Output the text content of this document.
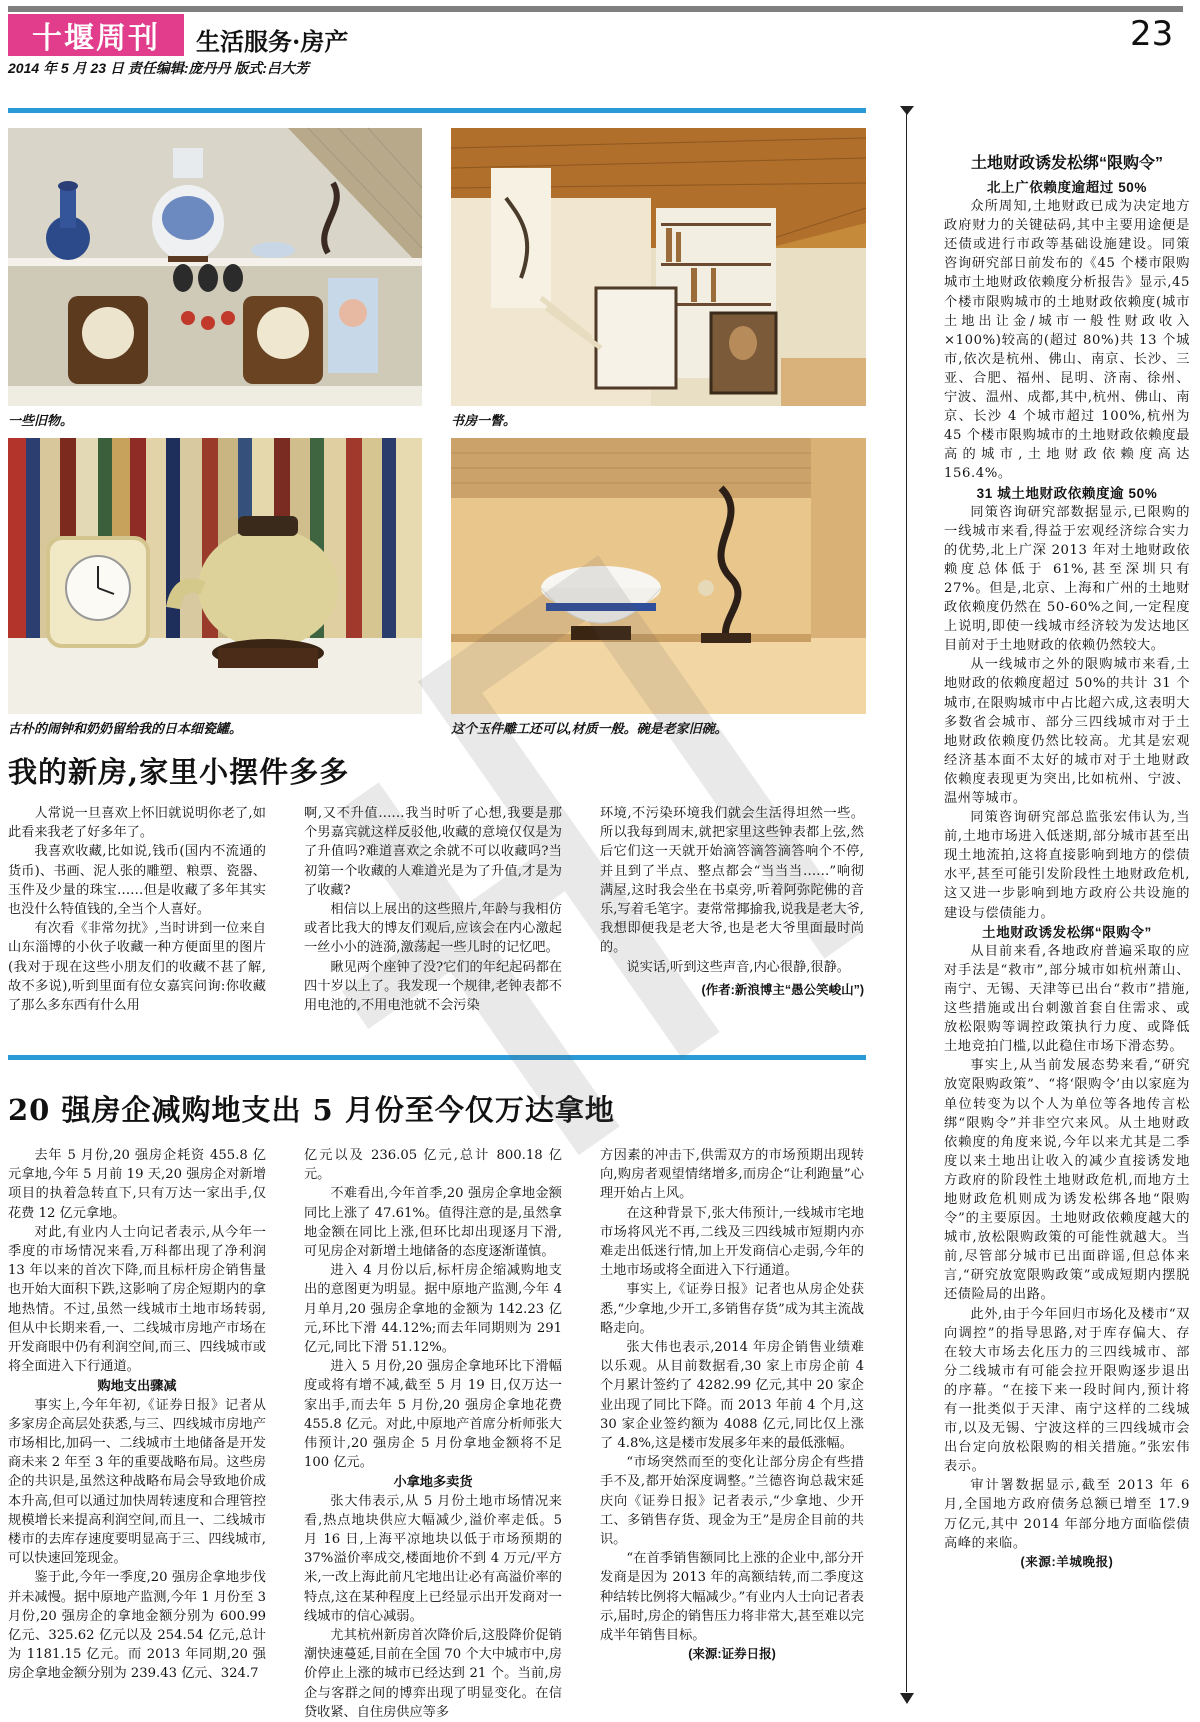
十堰周刊	生活服务·房产	23
2014 年 5 月 23 日 责任编辑:庞丹丹 版式:吕大芳
一些旧物。	书房一瞥。
古朴的闹钟和奶奶留给我的日本细瓷罐。	这个玉件雕工还可以,材质一般。碗是老家旧碗。
我的新房,家里小摆件多多

人常说一旦喜欢上怀旧就说明你老了,如此看来我老了好多年了。

我喜欢收藏,比如说,钱币(国内不流通的货币)、书画、泥人张的雕塑、粮票、瓷器、玉件及少量的珠宝……但是收藏了多年其实也没什么特值钱的,全当个人喜好。

有次看《非常勿扰》,当时讲到一位来自山东淄博的小伙子收藏一种方便面里的图片(我对于现在这些小朋友们的收藏不甚了解,故不多说),听到里面有位女嘉宾问询:你收藏了那么多东西有什么用

啊,又不升值……我当时听了心想,我要是那个男嘉宾就这样反驳他,收藏的意境仅仅是为了升值吗?难道喜欢之余就不可以收藏吗?当初第一个收藏的人难道光是为了升值,才是为了收藏?

相信以上展出的这些照片,年龄与我相仿或者比我大的博友们观后,应该会在内心激起一丝小小的涟漪,激荡起一些儿时的记忆吧。

瞅见两个座钟了没?它们的年纪起码都在四十岁以上了。我发现一个规律,老钟表都不用电池的,不用电池就不会污染

环境,不污染环境我们就会生活得坦然一些。所以我每到周末,就把家里这些钟表都上弦,然后它们这一天就开始滴答滴答滴答响个不停,并且到了半点、整点都会“当当当……”响彻满屋,这时我会坐在书桌旁,听着阿弥陀佛的音乐,写着毛笔字。妻常常揶揄我,说我是老大爷,我想即便我是老大爷,也是老大爷里面最时尚的。

说实话,听到这些声音,内心很静,很静。

(作者:新浪博主“愚公笑峻山”)

20 强房企减购地支出 5 月份至今仅万达拿地

去年 5 月份,20 强房企耗资 455.8 亿元拿地,今年 5 月前 19 天,20 强房企对新增项目的执着急转直下,只有万达一家出手,仅花费 12 亿元拿地。

对此,有业内人士向记者表示,从今年一季度的市场情况来看,万科都出现了净利润 13 年以来的首次下降,而且标杆房企销售量也开始大面积下跌,这影响了房企短期内的拿地热情。不过,虽然一线城市土地市场转弱,但从中长期来看,一、二线城市房地产市场在开发商眼中仍有利润空间,而三、四线城市或将全面进入下行通道。

购地支出骤减

事实上,今年年初,《证券日报》记者从多家房企高层处获悉,与三、四线城市房地产市场相比,加码一、二线城市土地储备是开发商未来 2 年至 3 年的重要战略布局。这些房企的共识是,虽然这种战略布局会导致地价成本升高,但可以通过加快周转速度和合理管控规模增长来提高利润空间,而且一、二线城市楼市的去库存速度要明显高于三、四线城市,可以快速回笼现金。

鉴于此,今年一季度,20 强房企拿地步伐并未减慢。据中原地产监测,今年 1 月份至 3 月份,20 强房企的拿地金额分别为 600.99 亿元、325.62 亿元以及 254.54 亿元,总计为 1181.15 亿元。而 2013 年同期,20 强房企拿地金额分别为 239.43 亿元、324.7

亿元以及 236.05 亿元,总计 800.18 亿元。

不难看出,今年首季,20 强房企拿地金额同比上涨了 47.61%。值得注意的是,虽然拿地金额在同比上涨,但环比却出现逐月下滑,可见房企对新增土地储备的态度逐渐谨慎。

进入 4 月份以后,标杆房企缩减购地支出的意图更为明显。据中原地产监测,今年 4 月单月,20 强房企拿地的金额为 142.23 亿元,环比下滑 44.12%;而去年同期则为 291 亿元,同比下滑 51.12%。

进入 5 月份,20 强房企拿地环比下滑幅度或将有增不减,截至 5 月 19 日,仅万达一家出手,而去年 5 月份,20 强房企拿地花费 455.8 亿元。对此,中原地产首席分析师张大伟预计,20 强房企 5 月份拿地金额将不足 100 亿元。

小拿地多卖货

张大伟表示,从 5 月份土地市场情况来看,热点地块供应大幅减少,溢价率走低。5 月 16 日,上海平凉地块以低于市场预期的 37%溢价率成交,楼面地价不到 4 万元/平方米,一改上海此前凡宅地出让必有高溢价率的特点,这在某种程度上已经显示出开发商对一线城市的信心减弱。

尤其杭州新房首次降价后,这股降价促销潮快速蔓延,目前在全国 70 个大中城市中,房价停止上涨的城市已经达到 21 个。当前,房企与客群之间的博弈出现了明显变化。在信贷收紧、自住房供应等多

方因素的冲击下,供需双方的市场预期出现转向,购房者观望情绪增多,而房企“让利跑量”心理开始占上风。

在这种背景下,张大伟预计,一线城市宅地市场将风光不再,二线及三四线城市短期内亦难走出低迷行情,加上开发商信心走弱,今年的土地市场或将全面进入下行通道。

事实上,《证券日报》记者也从房企处获悉,“少拿地,少开工,多销售存货”成为其主流战略走向。

张大伟也表示,2014 年房企销售业绩难以乐观。从目前数据看,30 家上市房企前 4 个月累计签约了 4282.99 亿元,其中 20 家企业出现了同比下降。而 2013 年前 4 个月,这 30 家企业签约额为 4088 亿元,同比仅上涨了 4.8%,这是楼市发展多年来的最低涨幅。

“市场突然而至的变化让部分房企有些措手不及,都开始深度调整。”兰德咨询总裁宋延庆向《证券日报》记者表示,“少拿地、少开工、多销售存货、现金为王”是房企目前的共识。

“在首季销售额同比上涨的企业中,部分开发商是因为 2013 年的高额结转,而二季度这种结转比例将大幅减少。”有业内人士向记者表示,届时,房企的销售压力将非常大,甚至难以完成半年销售目标。

(来源:证券日报)

土地财政诱发松绑“限购令”
北上广依赖度逾超过 50%

众所周知,土地财政已成为决定地方政府财力的关键砝码,其中主要用途便是还债或进行市政等基础设施建设。同策咨询研究部日前发布的《45 个楼市限购城市土地财政依赖度分析报告》显示,45 个楼市限购城市的土地财政依赖度(城市土地出让金/城市一般性财政收入×100%)较高的(超过 80%)共 13 个城市,依次是杭州、佛山、南京、长沙、三亚、合肥、福州、昆明、济南、徐州、宁波、温州、成都,其中,杭州、佛山、南京、长沙 4 个城市超过 100%,杭州为 45 个楼市限购城市的土地财政依赖度最高的城市,土地财政依赖度高达 156.4%。

31 城土地财政依赖度逾 50%

同策咨询研究部数据显示,已限购的一线城市来看,得益于宏观经济综合实力的优势,北上广深 2013 年对土地财政依赖度总体低于 61%,甚至深圳只有 27%。但是,北京、上海和广州的土地财政依赖度仍然在 50-60%之间,一定程度上说明,即使一线城市经济较为发达地区目前对于土地财政的依赖仍然较大。

从一线城市之外的限购城市来看,土地财政的依赖度超过 50%的共计 31 个城市,在限购城市中占比超六成,这表明大多数省会城市、部分三四线城市对于土地财政依赖度仍然比较高。尤其是宏观经济基本面不太好的城市对于土地财政依赖度表现更为突出,比如杭州、宁波、温州等城市。

同策咨询研究部总监张宏伟认为,当前,土地市场进入低迷期,部分城市甚至出现土地流拍,这将直接影响到地方的偿债水平,甚至可能引发阶段性土地财政危机,这又进一步影响到地方政府公共设施的建设与偿债能力。

土地财政诱发松绑“限购令”

从目前来看,各地政府普遍采取的应对手法是“救市”,部分城市如杭州萧山、南宁、无锡、天津等已出台“救市”措施,这些措施或出台刺激首套自住需求、或放松限购等调控政策执行力度、或降低土地竞拍门槛,以此稳住市场下滑态势。

事实上,从当前发展态势来看,“研究放宽限购政策”、“将‘限购令’由以家庭为单位转变为以个人为单位等各地传言松绑“限购令”并非空穴来风。从土地财政依赖度的角度来说,今年以来尤其是二季度以来土地出让收入的减少直接诱发地方政府的阶段性土地财政危机,而地方土地财政危机则成为诱发松绑各地“限购令”的主要原因。土地财政依赖度越大的城市,放松限购政策的可能性就越大。当前,尽管部分城市已出面辟谣,但总体来言,“研究放宽限购政策”或成短期内摆脱还债险局的出路。

此外,由于今年回归市场化及楼市“双向调控”的指导思路,对于库存偏大、存在较大市场去化压力的三四线城市、部分二线城市有可能会拉开限购逐步退出的序幕。“在接下来一段时间内,预计将有一批类似于天津、南宁这样的二线城市,以及无锡、宁波这样的三四线城市会出台定向放松限购的相关措施。”张宏伟表示。

审计署数据显示,截至 2013 年 6 月,全国地方政府债务总额已增至 17.9 万亿元,其中 2014 年部分地方面临偿债高峰的来临。

(来源:羊城晚报)
